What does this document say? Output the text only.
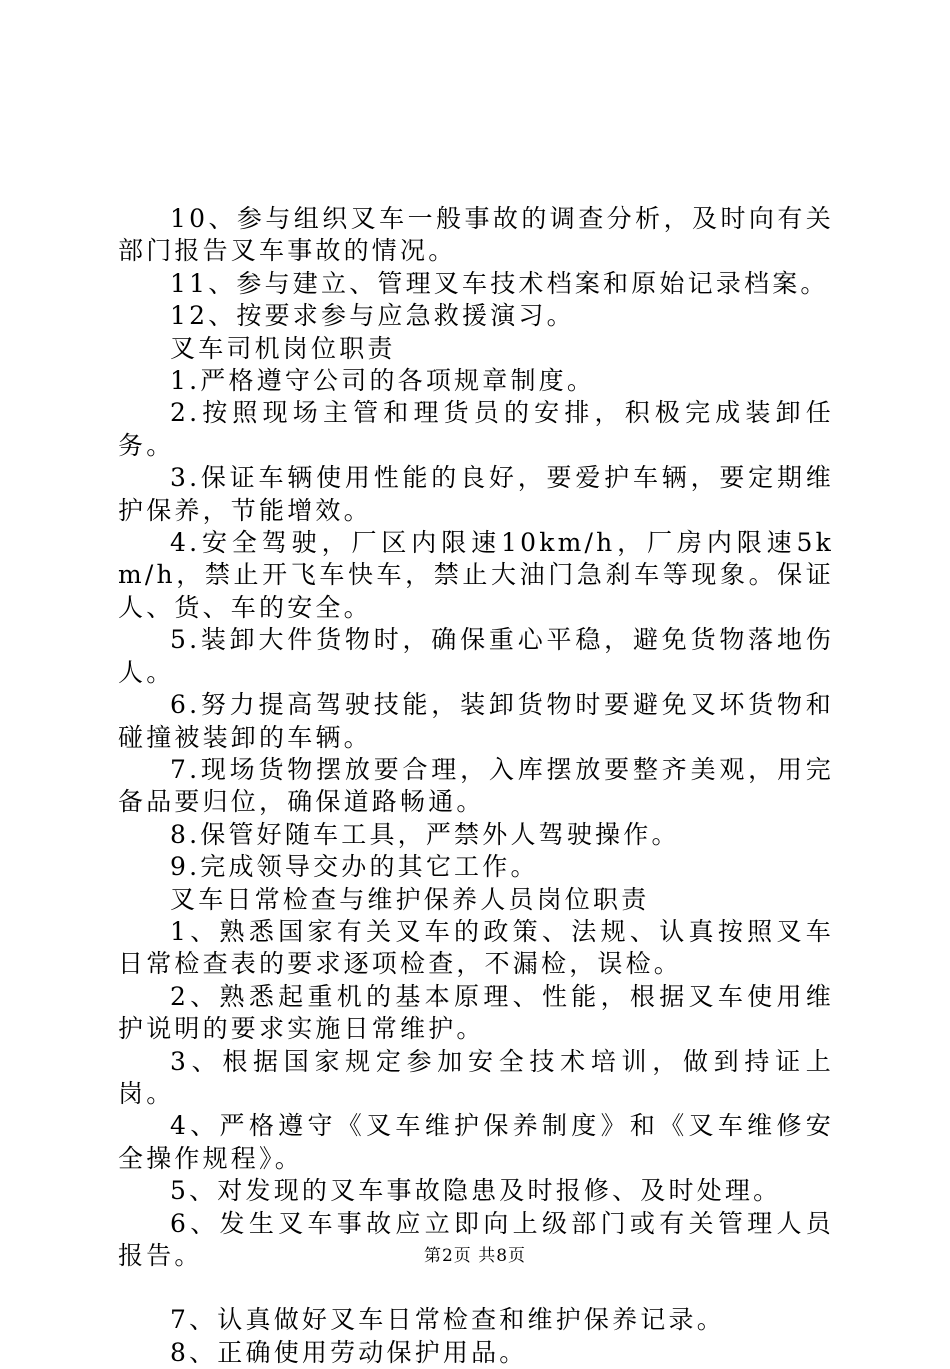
10、参与组织叉车一般事故的调查分析，及时向有关部门报告叉车事故的情况。

11、参与建立、管理叉车技术档案和原始记录档案。

12、按要求参与应急救援演习。

叉车司机岗位职责

1.严格遵守公司的各项规章制度。

2.按照现场主管和理货员的安排，积极完成装卸任务。

3.保证车辆使用性能的良好，要爱护车辆，要定期维护保养，节能增效。

4.安全驾驶，厂区内限速10km/h，厂房内限速5km/h，禁止开飞车快车，禁止大油门急刹车等现象。保证人、货、车的安全。

5.装卸大件货物时，确保重心平稳，避免货物落地伤人。

6.努力提高驾驶技能，装卸货物时要避免叉坏货物和碰撞被装卸的车辆。

7.现场货物摆放要合理，入库摆放要整齐美观，用完备品要归位，确保道路畅通。

8.保管好随车工具，严禁外人驾驶操作。

9.完成领导交办的其它工作。

叉车日常检查与维护保养人员岗位职责

1、熟悉国家有关叉车的政策、法规、认真按照叉车日常检查表的要求逐项检查，不漏检，误检。

2、熟悉起重机的基本原理、性能，根据叉车使用维护说明的要求实施日常维护。

3、根据国家规定参加安全技术培训，做到持证上岗。

4、严格遵守《叉车维护保养制度》和《叉车维修安全操作规程》。

5、对发现的叉车事故隐患及时报修、及时处理。

6、发生叉车事故应立即向上级部门或有关管理人员报告。

7、认真做好叉车日常检查和维护保养记录。

8、正确使用劳动保护用品。

第2页 共8页
